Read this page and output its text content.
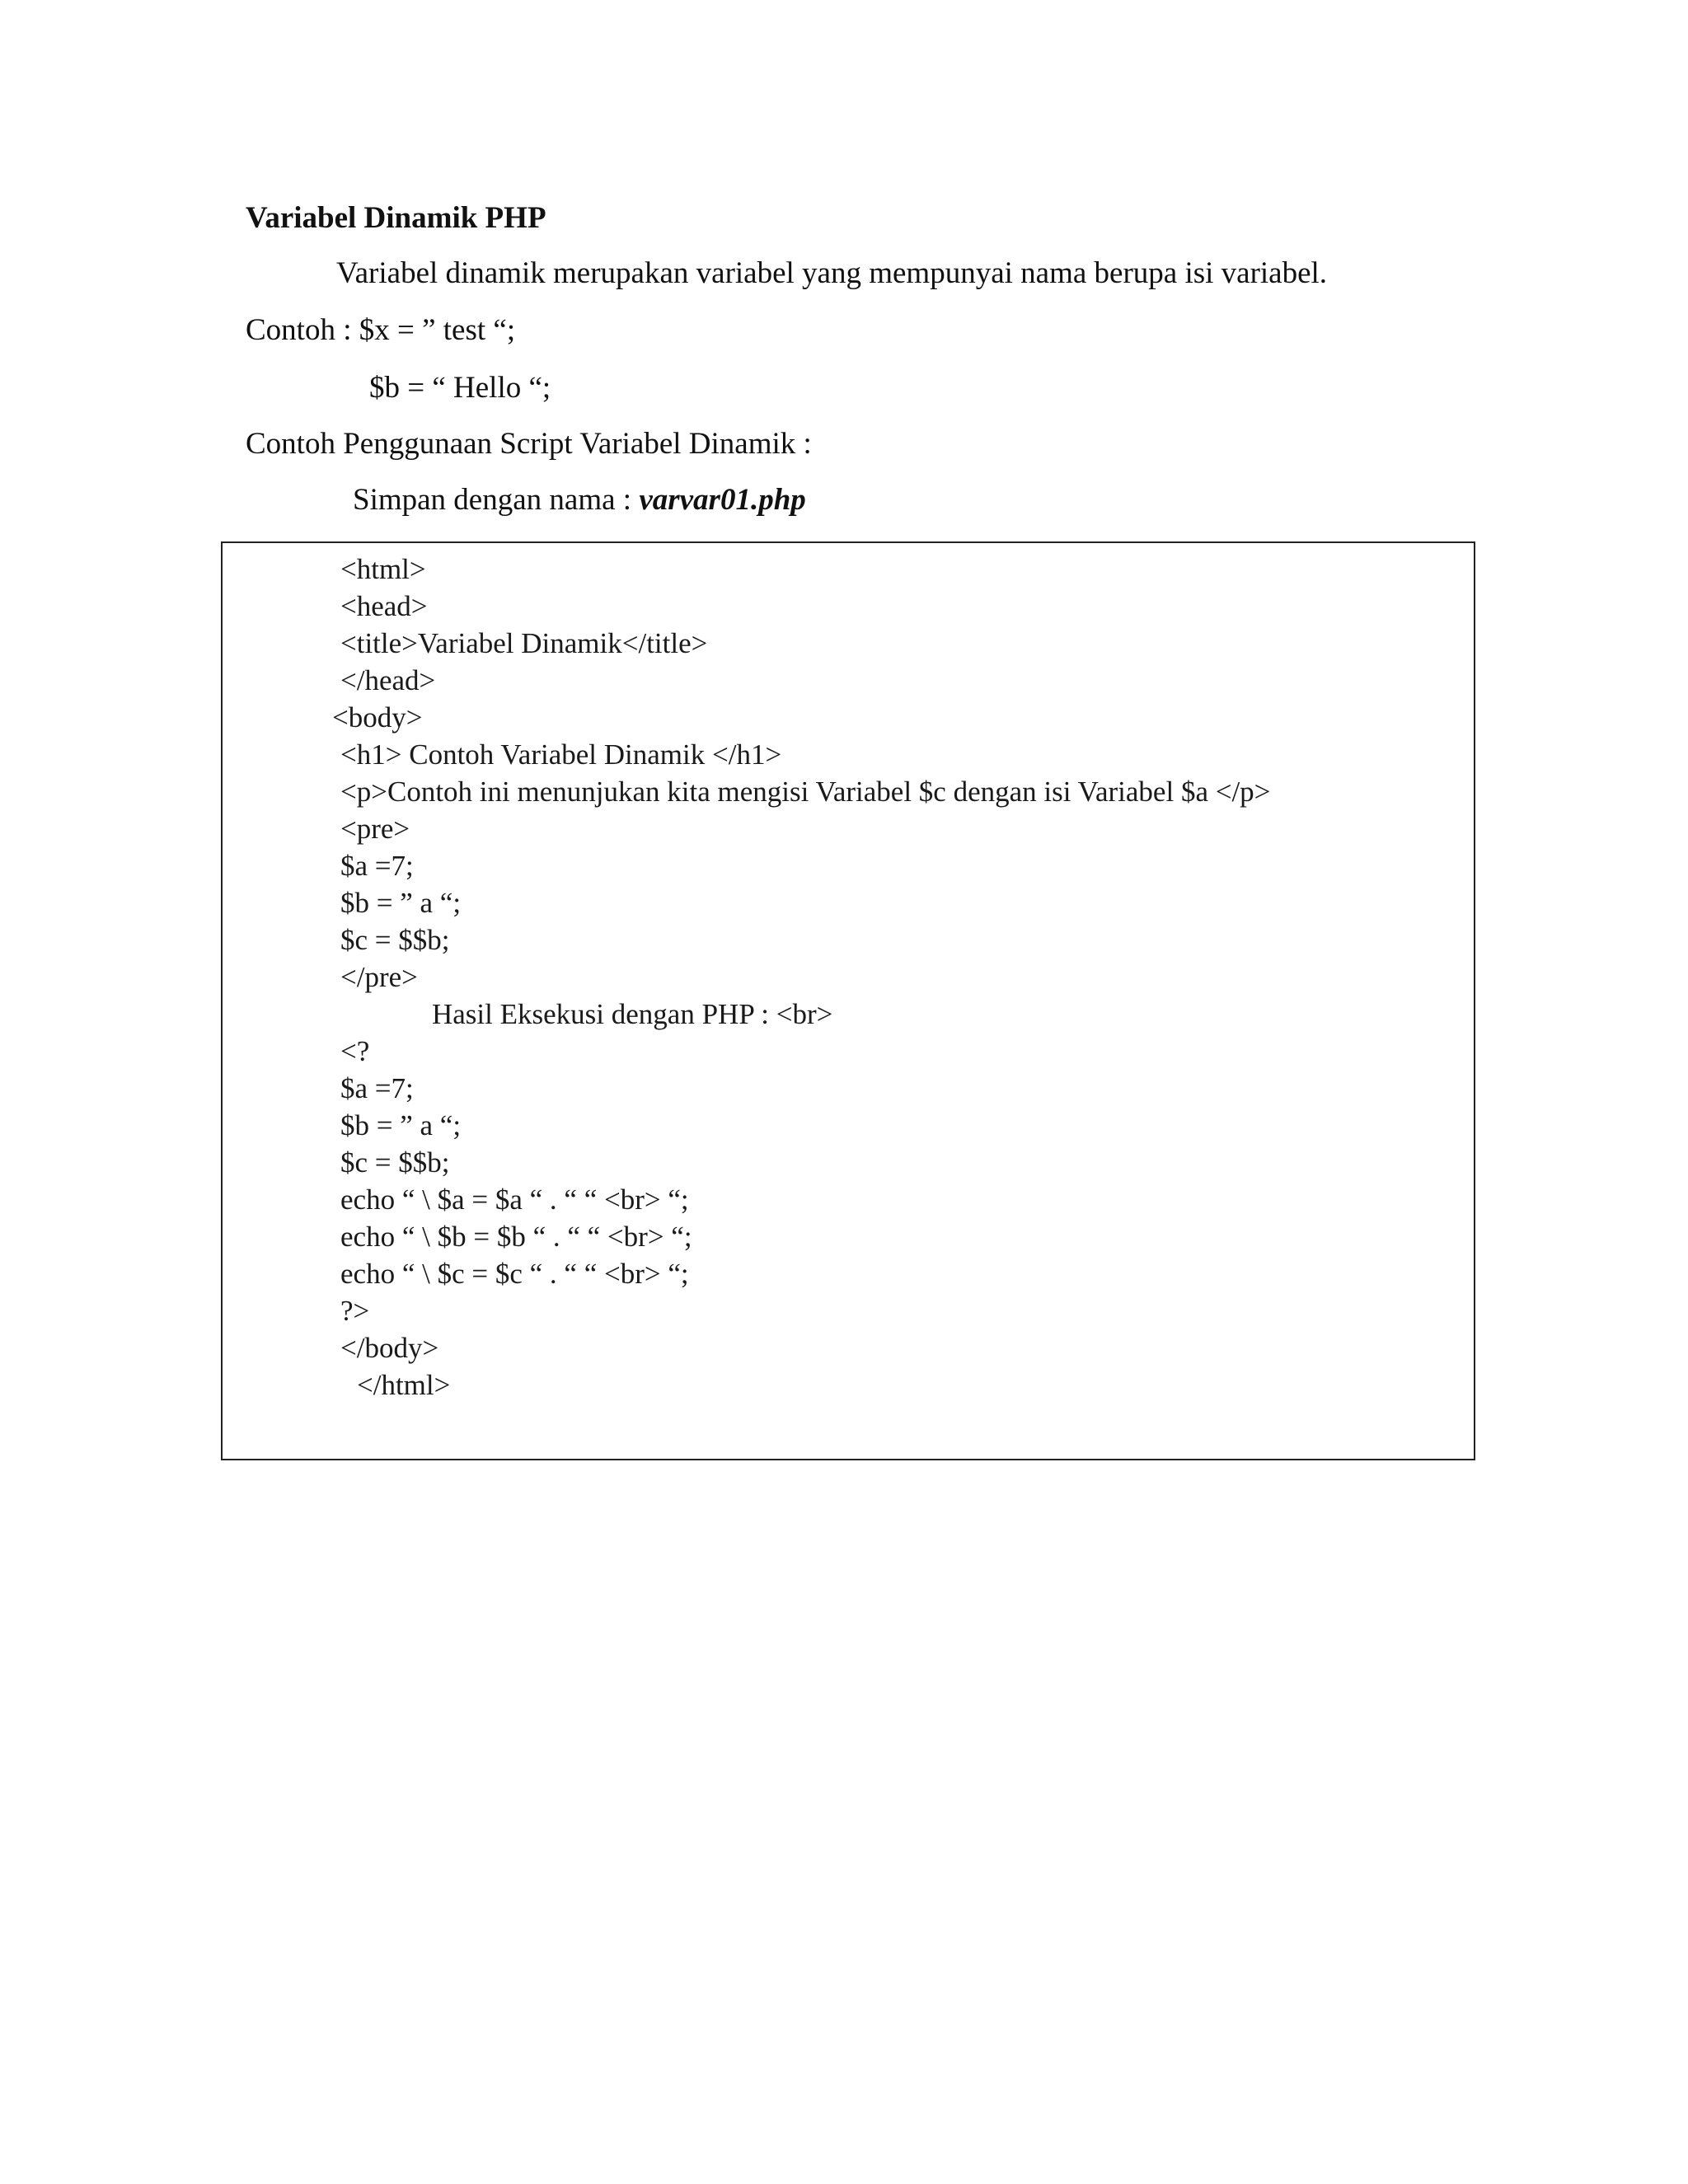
Variabel Dinamik PHP
Variabel dinamik merupakan variabel yang mempunyai nama berupa isi variabel.
Contoh : $x = ” test “;
$b = “ Hello “;
Contoh Penggunaan Script Variabel Dinamik :
Simpan dengan nama : varvar01.php
<html>
<head>
<title>Variabel Dinamik</title>
</head>
<body>
<h1> Contoh Variabel Dinamik </h1>
<p>Contoh ini menunjukan kita mengisi Variabel $c dengan isi Variabel $a </p>
<pre>
$a =7;
$b = ” a “;
$c = $$b;
</pre>
Hasil Eksekusi dengan PHP : <br>
<?
$a =7;
$b = ” a “;
$c = $$b;
echo “ \ $a = $a “ . “ “ <br> “;
echo “ \ $b = $b “ . “ “ <br> “;
echo “ \ $c = $c “ . “ “ <br> “;
?>
</body>
</html>
